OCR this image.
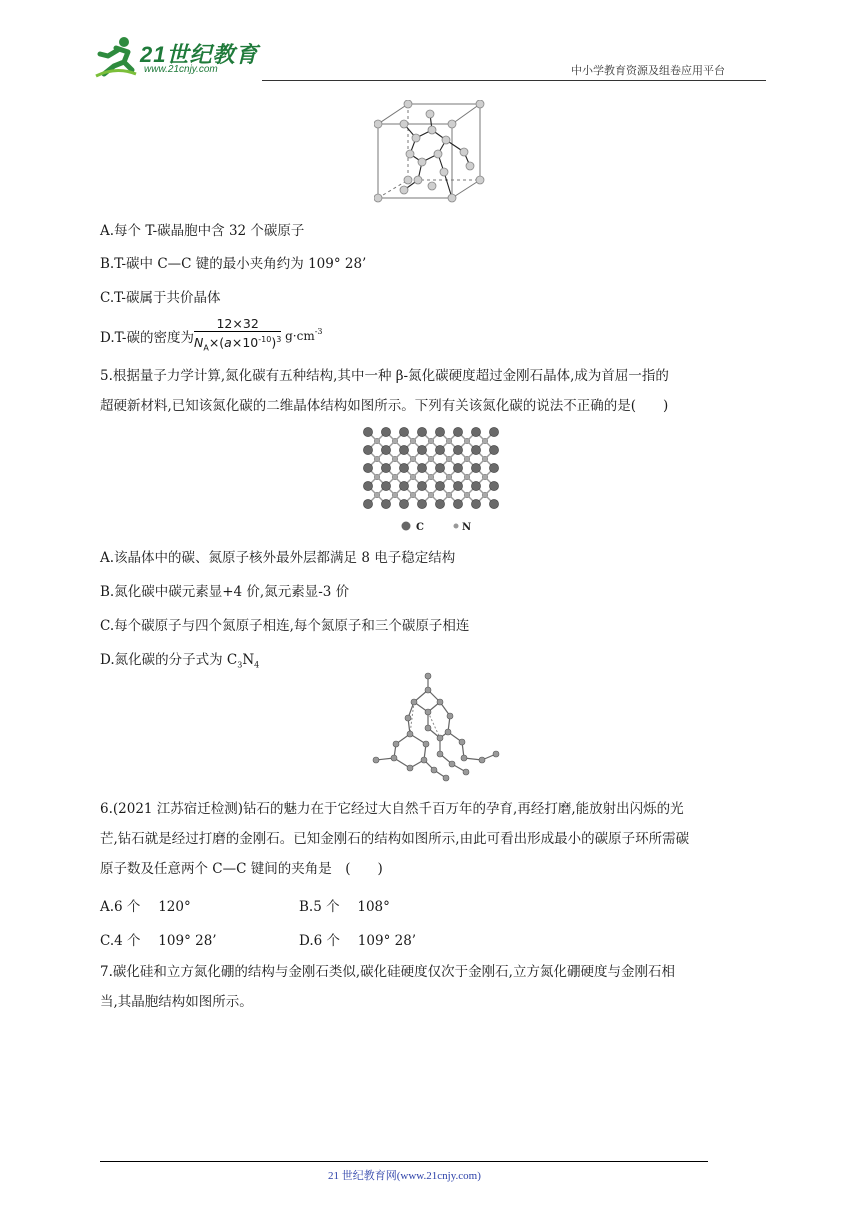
21世纪教育
www.21cnjy.com	中小学教育资源及组卷应用平台
A.每个 T-碳晶胞中含 32 个碳原子
B.T-碳中 C—C 键的最小夹角约为 109° 28’
C.T-碳属于共价晶体
D.T-碳的密度为 $\frac{12\times 32}{N_A\times(a\times 10^{-10})^3} g\cdot cm^{-3}$
5.根据量子力学计算,氮化碳有五种结构,其中一种 β-氮化碳硬度超过金刚石晶体,成为首屈一指的
超硬新材料,已知该氮化碳的二维晶体结构如图所示。下列有关该氮化碳的说法不正确的是(　　)
C	N
A.该晶体中的碳、氮原子核外最外层都满足 8 电子稳定结构
B.氮化碳中碳元素显+4 价,氮元素显-3 价
C.每个碳原子与四个氮原子相连,每个氮原子和三个碳原子相连
D.氮化碳的分子式为 $C_3N_4$
6.(2021 江苏宿迁检测)钻石的魅力在于它经过大自然千百万年的孕育,再经打磨,能放射出闪烁的光
芒,钻石就是经过打磨的金刚石。已知金刚石的结构如图所示,由此可看出形成最小的碳原子环所需碳
原子数及任意两个 C—C 键间的夹角是　(　　)
A.6 个　 120°	B.5 个　 108°
C.4 个　 109° 28’	D.6 个　 109° 28’
7.碳化硅和立方氮化硼的结构与金刚石类似,碳化硅硬度仅次于金刚石,立方氮化硼硬度与金刚石相
当,其晶胞结构如图所示。
21 世纪教育网(www.21cnjy.com)
